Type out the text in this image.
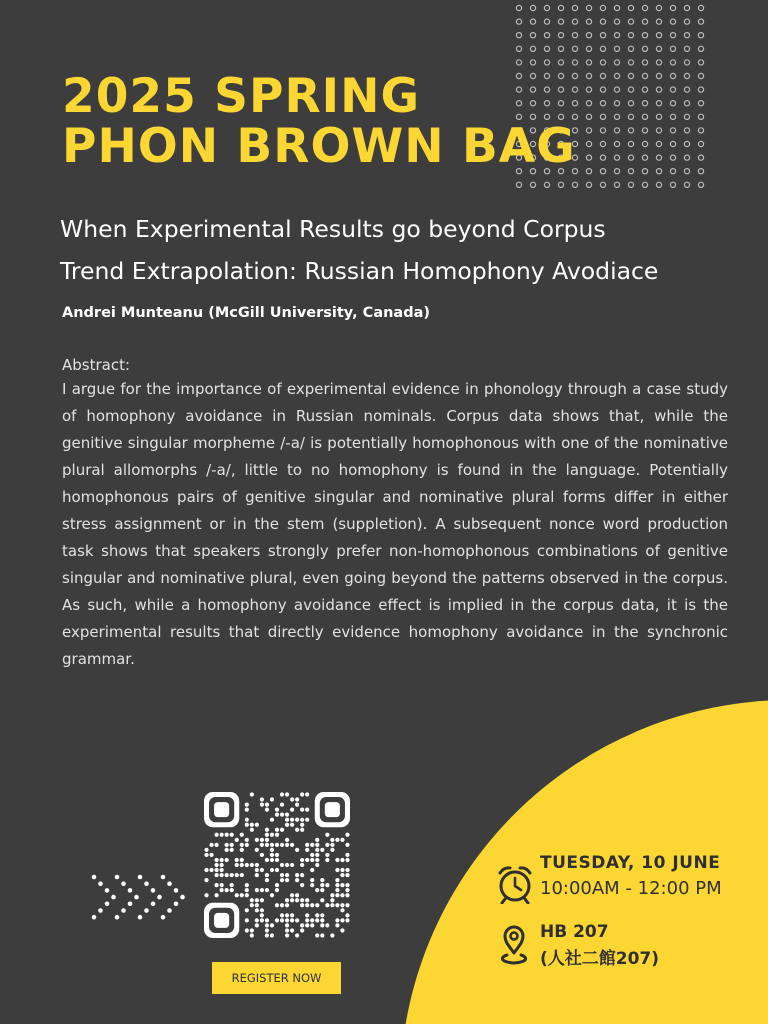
2025 SPRING
PHON BROWN BAG
When Experimental Results go beyond Corpus
Trend Extrapolation: Russian Homophony Avodiace
Andrei Munteanu (McGill University, Canada)
Abstract:

I argue for the importance of experimental evidence in phonology through a case study of homophony avoidance in Russian nominals. Corpus data shows that, while the genitive singular morpheme /-a/ is potentially homophonous with one of the nominative plural allomorphs /-a/, little to no homophony is found in the language. Potentially homophonous pairs of genitive singular and nominative plural forms differ in either stress assignment or in the stem (suppletion). A subsequent nonce word production task shows that speakers strongly prefer non-homophonous combinations of genitive singular and nominative plural, even going beyond the patterns observed in the corpus. As such, while a homophony avoidance effect is implied in the corpus data, it is the experimental results that directly evidence homophony avoidance in the synchronic grammar.

REGISTER NOW
TUESDAY, 10 JUNE
10:00AM - 12:00 PM
HB 207
(人社二館207)
